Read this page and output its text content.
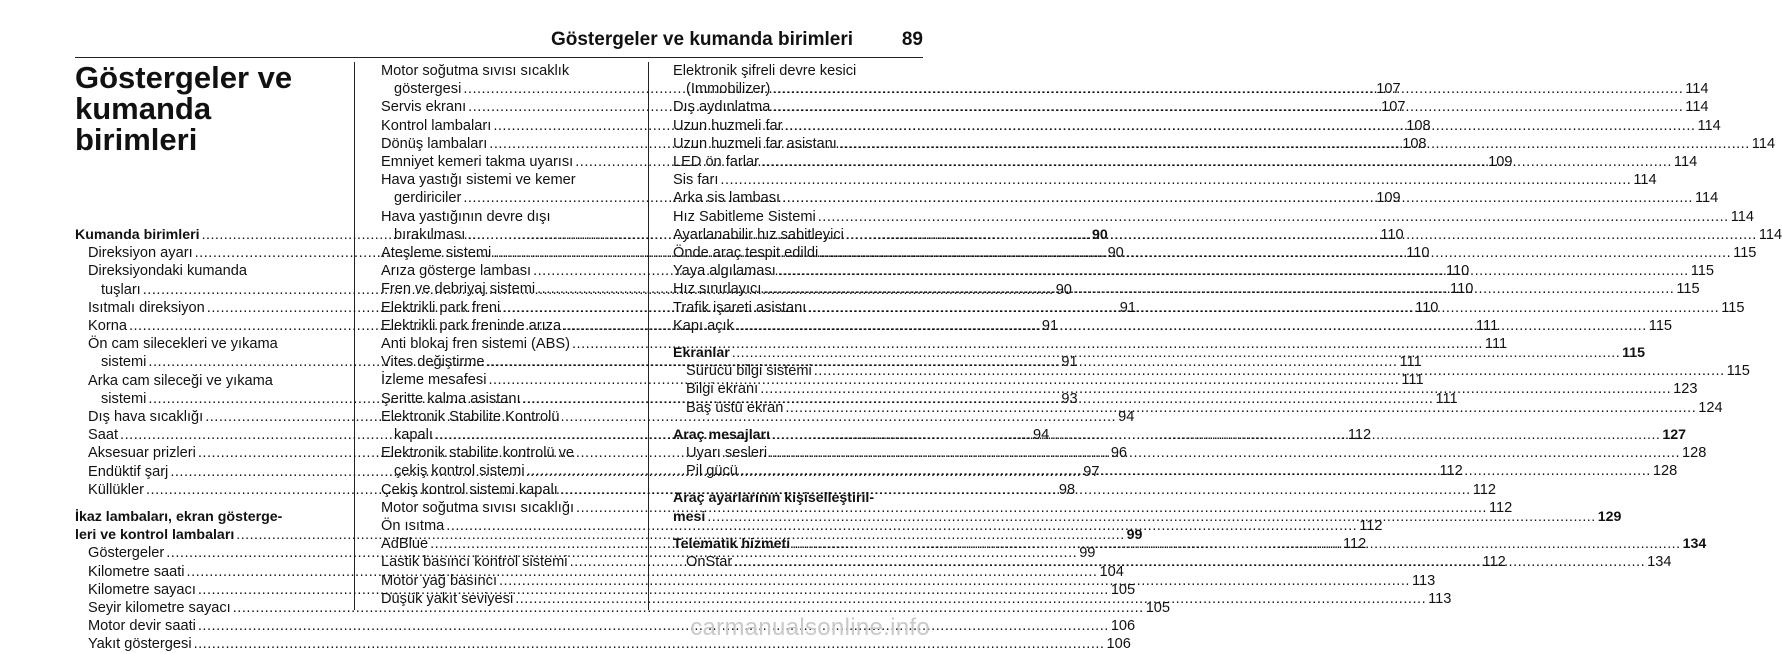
Göstergeler ve kumanda birimleri	89
Göstergeler ve
kumanda birimleri
Kumanda birimleri .....	90
Direksiyon ayarı .....	90
Direksiyondaki kumanda
tuşları .....	90
Isıtmalı direksiyon .....	91
Korna .....	91
Ön cam silecekleri ve yıkama
sistemi .....	91
Arka cam sileceği ve yıkama
sistemi .....	93
Dış hava sıcaklığı .....	94
Saat .....	94
Aksesuar prizleri .....	96
Endüktif şarj .....	97
Küllükler .....	98
İkaz lambaları, ekran gösterge-
leri ve kontrol lambaları .....	99
Göstergeler .....	99
Kilometre saati .....	104
Kilometre sayacı .....	105
Seyir kilometre sayacı .....	105
Motor devir saati .....	106
Yakıt göstergesi .....	106
Motor soğutma sıvısı sıcaklık
göstergesi .....	107
Servis ekranı .....	107
Kontrol lambaları .....	108
Dönüş lambaları .....	108
Emniyet kemeri takma uyarısı .....	109
Hava yastığı sistemi ve kemer
gerdiriciler .....	109
Hava yastığının devre dışı
bırakılması .....	110
Ateşleme sistemi .....	110
Arıza gösterge lambası .....	110
Fren ve debriyaj sistemi .....	110
Elektrikli park freni .....	110
Elektrikli park freninde arıza .....	111
Anti blokaj fren sistemi (ABS) .....	111
Vites değiştirme .....	111
İzleme mesafesi .....	111
Şeritte kalma asistanı .....	111
Elektronik Stabilite Kontrolü
kapalı .....	112
Elektronik stabilite kontrolü ve
çekiş kontrol sistemi .....	112
Çekiş kontrol sistemi kapalı .....	112
Motor soğutma sıvısı sıcaklığı .....	112
Ön ısıtma .....	112
AdBlue .....	112
Lastik basıncı kontrol sistemi .....	112
Motor yağ basıncı .....	113
Düşük yakıt seviyesi .....	113
Elektronik şifreli devre kesici
(Immobilizer) .....	114
Dış aydınlatma .....	114
Uzun huzmeli far .....	114
Uzun huzmeli far asistanı .....	114
LED ön farlar .....	114
Sis farı .....	114
Arka sis lambası .....	114
Hız Sabitleme Sistemi .....	114
Ayarlanabilir hız sabitleyici .....	114
Önde araç tespit edildi .....	115
Yaya algılaması .....	115
Hız sınırlayıcı .....	115
Trafik işareti asistanı .....	115
Kapı açık .....	115
Ekranlar .....	115
Sürücü bilgi sistemi .....	115
Bilgi ekranı .....	123
Baş üstü ekran .....	124
Araç mesajları .....	127
Uyarı sesleri .....	128
Pil gücü .....	128
Araç ayarlarının kişiselleştiril-
mesi .....	129
Telematik hizmeti .....	134
OnStar .....	134
carmanualsonline.info
